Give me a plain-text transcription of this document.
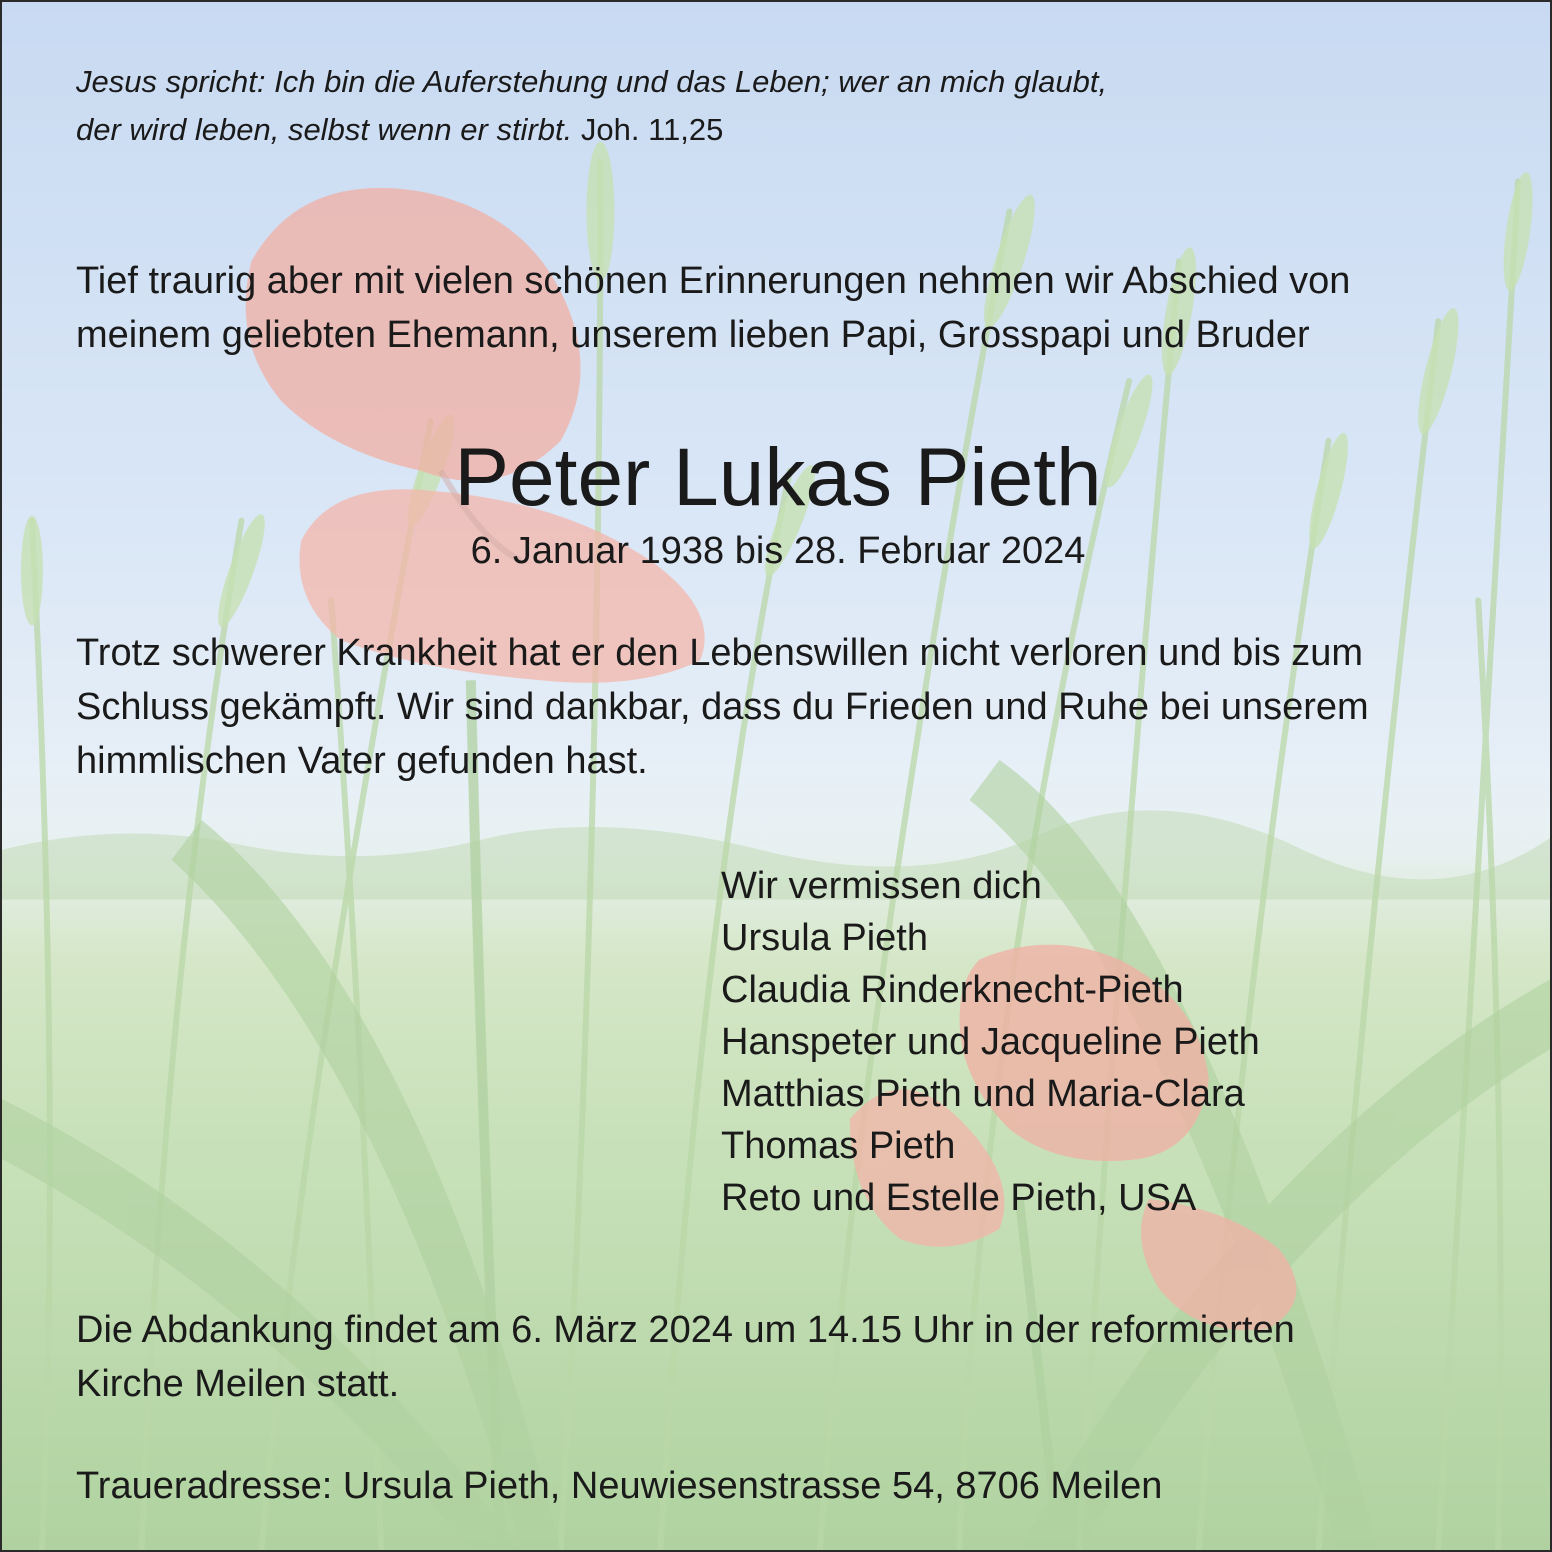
Jesus spricht: Ich bin die Auferstehung und das Leben; wer an mich glaubt,
der wird leben, selbst wenn er stirbt. Joh. 11,25

Tief traurig aber mit vielen schönen Erinnerungen nehmen wir Abschied von
meinem geliebten Ehemann, unserem lieben Papi, Grosspapi und Bruder

Peter Lukas Pieth
6. Januar 1938 bis 28. Februar 2024

Trotz schwerer Krankheit hat er den Lebenswillen nicht verloren und bis zum
Schluss gekämpft. Wir sind dankbar, dass du Frieden und Ruhe bei unserem
himmlischen Vater gefunden hast.

Wir vermissen dich
Ursula Pieth
Claudia Rinderknecht-Pieth
Hanspeter und Jacqueline Pieth
Matthias Pieth und Maria-Clara
Thomas Pieth
Reto und Estelle Pieth, USA

Die Abdankung findet am 6. März 2024 um 14.15 Uhr in der reformierten
Kirche Meilen statt.

Traueradresse: Ursula Pieth, Neuwiesenstrasse 54, 8706 Meilen
